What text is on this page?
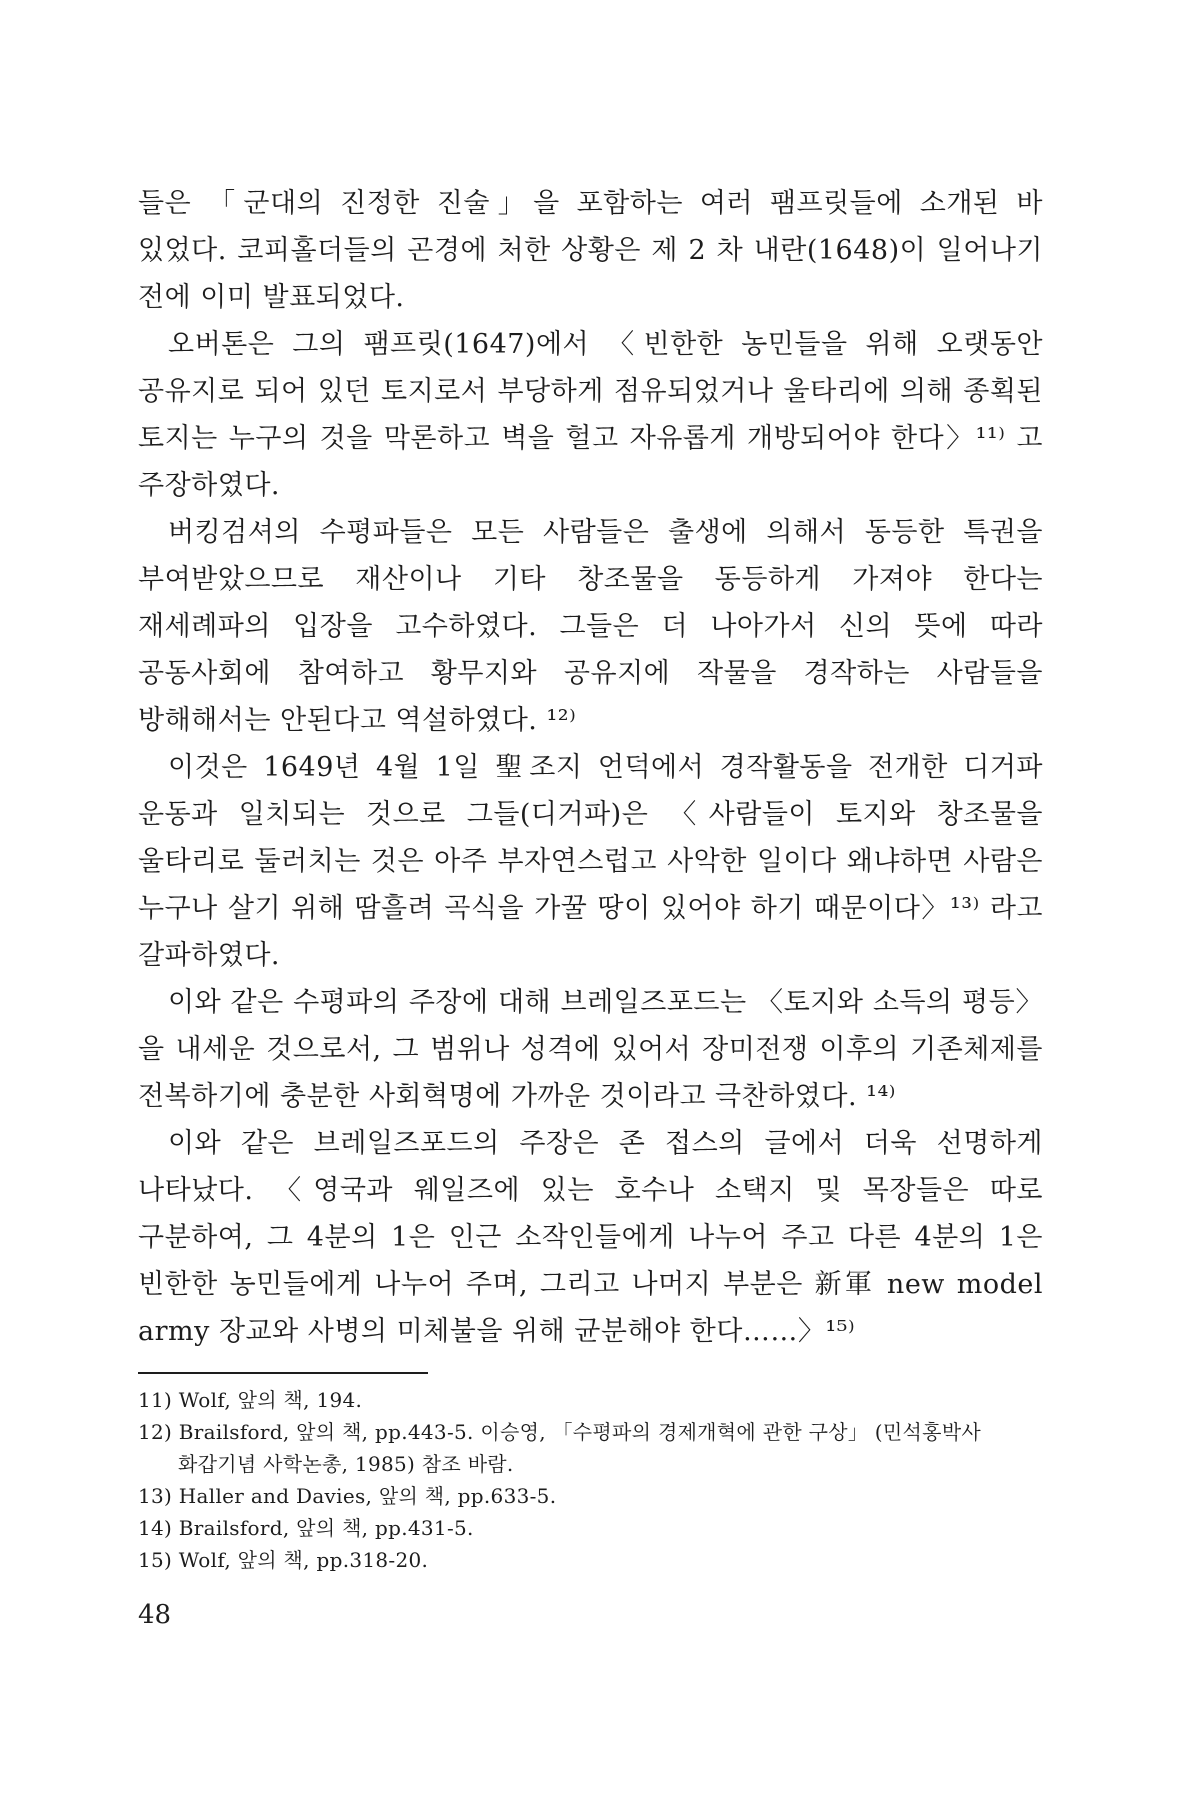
들은 「군대의 진정한 진술」을 포함하는 여러 팸프릿들에 소개된 바 있었다. 코피홀더들의 곤경에 처한 상황은 제 2 차 내란(1648)이 일어나기 전에 이미 발표되었다.

오버톤은 그의 팸프릿(1647)에서 〈빈한한 농민들을 위해 오랫동안 공유지로 되어 있던 토지로서 부당하게 점유되었거나 울타리에 의해 종획된 토지는 누구의 것을 막론하고 벽을 헐고 자유롭게 개방되어야 한다〉¹¹⁾ 고 주장하였다.

버킹검셔의 수평파들은 모든 사람들은 출생에 의해서 동등한 특권을 부여받았으므로 재산이나 기타 창조물을 동등하게 가져야 한다는 재세례파의 입장을 고수하였다. 그들은 더 나아가서 신의 뜻에 따라 공동사회에 참여하고 황무지와 공유지에 작물을 경작하는 사람들을 방해해서는 안된다고 역설하였다. ¹²⁾

이것은 1649년 4월 1일 聖조지 언덕에서 경작활동을 전개한 디거파 운동과 일치되는 것으로 그들(디거파)은 〈사람들이 토지와 창조물을 울타리로 둘러치는 것은 아주 부자연스럽고 사악한 일이다 왜냐하면 사람은 누구나 살기 위해 땀흘려 곡식을 가꿀 땅이 있어야 하기 때문이다〉¹³⁾ 라고 갈파하였다.

이와 같은 수평파의 주장에 대해 브레일즈포드는 〈토지와 소득의 평등〉을 내세운 것으로서, 그 범위나 성격에 있어서 장미전쟁 이후의 기존체제를 전복하기에 충분한 사회혁명에 가까운 것이라고 극찬하였다. ¹⁴⁾

이와 같은 브레일즈포드의 주장은 존 접스의 글에서 더욱 선명하게 나타났다. 〈영국과 웨일즈에 있는 호수나 소택지 및 목장들은 따로 구분하여, 그 4분의 1은 인근 소작인들에게 나누어 주고 다른 4분의 1은 빈한한 농민들에게 나누어 주며, 그리고 나머지 부분은 新軍 new model army 장교와 사병의 미체불을 위해 균분해야 한다……〉¹⁵⁾

11) Wolf, 앞의 책, 194.

12) Brailsford, 앞의 책, pp.443-5. 이승영, 「수평파의 경제개혁에 관한 구상」 (민석홍박사 화갑기념 사학논총, 1985) 참조 바람.

13) Haller and Davies, 앞의 책, pp.633-5.

14) Brailsford, 앞의 책, pp.431-5.

15) Wolf, 앞의 책, pp.318-20.

48
